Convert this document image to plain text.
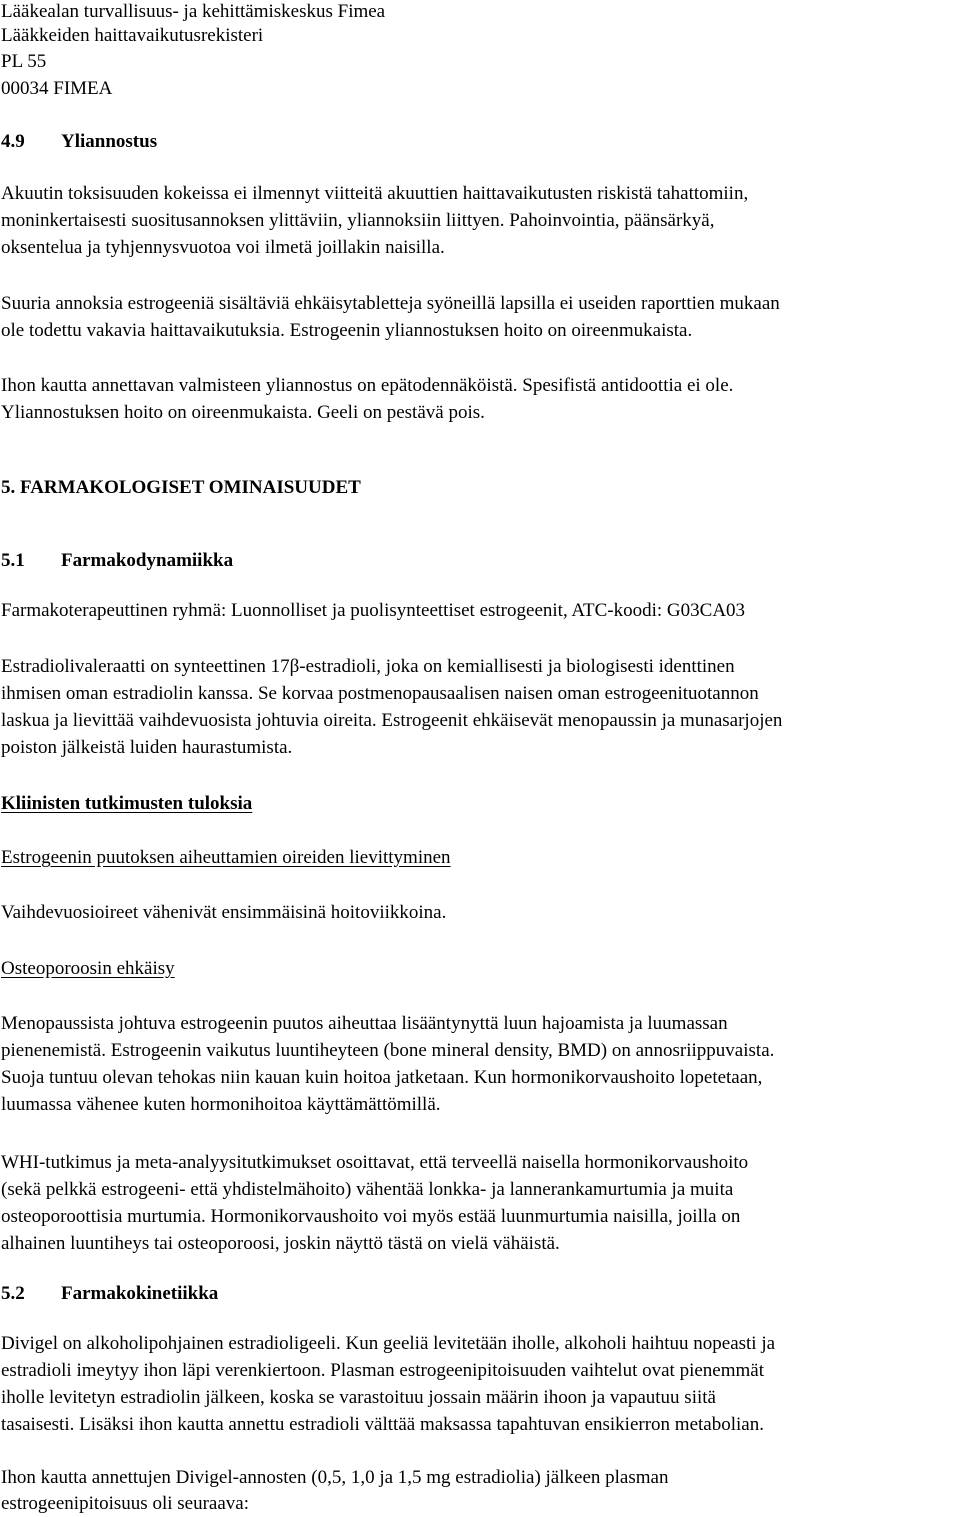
Lääkealan turvallisuus- ja kehittämiskeskus Fimea
Lääkkeiden haittavaikutusrekisteri
PL 55
00034 FIMEA
4.9 Yliannostus
Akuutin toksisuuden kokeissa ei ilmennyt viitteitä akuuttien haittavaikutusten riskistä tahattomiin,
moninkertaisesti suositusannoksen ylittäviin, yliannoksiin liittyen. Pahoinvointia, päänsärkyä,
oksentelua ja tyhjennysvuotoa voi ilmetä joillakin naisilla.
Suuria annoksia estrogeeniä sisältäviä ehkäisytabletteja syöneillä lapsilla ei useiden raporttien mukaan
ole todettu vakavia haittavaikutuksia. Estrogeenin yliannostuksen hoito on oireenmukaista.
Ihon kautta annettavan valmisteen yliannostus on epätodennäköistä. Spesifistä antidoottia ei ole.
Yliannostuksen hoito on oireenmukaista. Geeli on pestävä pois.
5. FARMAKOLOGISET OMINAISUUDET
5.1 Farmakodynamiikka
Farmakoterapeuttinen ryhmä: Luonnolliset ja puolisynteettiset estrogeenit, ATC-koodi: G03CA03
Estradiolivaleraatti on synteettinen 17β-estradioli, joka on kemiallisesti ja biologisesti identtinen
ihmisen oman estradiolin kanssa. Se korvaa postmenopausaalisen naisen oman estrogeenituotannon
laskua ja lievittää vaihdevuosista johtuvia oireita. Estrogeenit ehkäisevät menopaussin ja munasarjojen
poiston jälkeistä luiden haurastumista.
Kliinisten tutkimusten tuloksia
Estrogeenin puutoksen aiheuttamien oireiden lievittyminen
Vaihdevuosioireet vähenivät ensimmäisinä hoitoviikkoina.
Osteoporoosin ehkäisy
Menopaussista johtuva estrogeenin puutos aiheuttaa lisääntynyttä luun hajoamista ja luumassan
pienenemistä. Estrogeenin vaikutus luuntiheyteen (bone mineral density, BMD) on annosriippuvaista.
Suoja tuntuu olevan tehokas niin kauan kuin hoitoa jatketaan. Kun hormonikorvaushoito lopetetaan,
luumassa vähenee kuten hormonihoitoa käyttämättömillä.
WHI-tutkimus ja meta-analyysitutkimukset osoittavat, että terveellä naisella hormonikorvaushoito
(sekä pelkkä estrogeeni- että yhdistelmähoito) vähentää lonkka- ja lannerankamurtumia ja muita
osteoporoottisia murtumia. Hormonikorvaushoito voi myös estää luunmurtumia naisilla, joilla on
alhainen luuntiheys tai osteoporoosi, joskin näyttö tästä on vielä vähäistä.
5.2 Farmakokinetiikka
Divigel on alkoholipohjainen estradioligeeli. Kun geeliä levitetään iholle, alkoholi haihtuu nopeasti ja
estradioli imeytyy ihon läpi verenkiertoon. Plasman estrogeenipitoisuuden vaihtelut ovat pienemmät
iholle levitetyn estradiolin jälkeen, koska se varastoituu jossain määrin ihoon ja vapautuu siitä
tasaisesti. Lisäksi ihon kautta annettu estradioli välttää maksassa tapahtuvan ensikierron metabolian.
Ihon kautta annettujen Divigel-annosten (0,5, 1,0 ja 1,5 mg estradiolia) jälkeen plasman
estrogeenipitoisuus oli seuraava:
